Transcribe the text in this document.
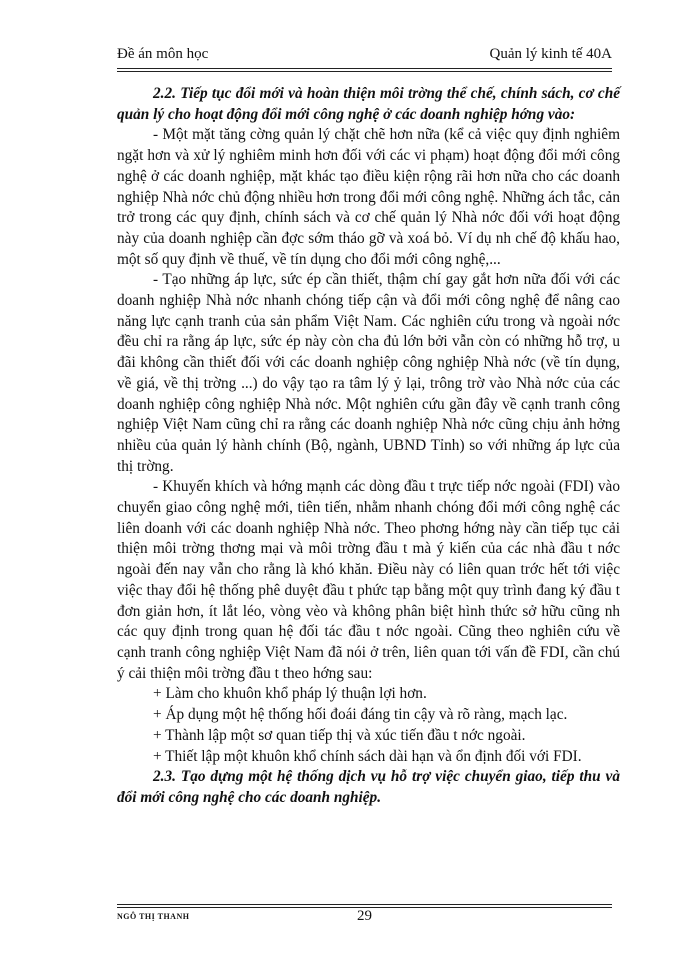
Đề án môn học	Quản lý kinh tế 40A

2.2. Tiếp tục đổi mới và hoàn thiện môi trờng thể chế, chính sách, cơ chế quản lý cho hoạt động đổi mới công nghệ ở các doanh nghiệp hớng vào:

- Một mặt tăng cờng quản lý chặt chẽ hơn nữa (kể cả việc quy định nghiêm ngặt hơn và xử lý nghiêm minh hơn đối với các vi phạm) hoạt động đổi mới công nghệ ở các doanh nghiệp, mặt khác tạo điều kiện rộng rãi hơn nữa cho các doanh nghiệp Nhà nớc chủ động nhiều hơn trong đổi mới công nghệ. Những ách tắc, cản trở trong các quy định, chính sách và cơ chế quản lý Nhà nớc đối với hoạt động này của doanh nghiệp cần đợc sớm tháo gỡ và xoá bỏ. Ví dụ nh chế độ khấu hao, một số quy định về thuế, về tín dụng cho đổi mới công nghệ,...

- Tạo những áp lực, sức ép cần thiết, thậm chí gay gắt hơn nữa đối với các doanh nghiệp Nhà nớc nhanh chóng tiếp cận và đổi mới công nghệ để nâng cao năng lực cạnh tranh của sản phẩm Việt Nam. Các nghiên cứu trong và ngoài nớc đều chỉ ra rằng áp lực, sức ép này còn cha đủ lớn bởi vẫn còn có những hỗ trợ, u đãi không cần thiết đối với các doanh nghiệp công nghiệp Nhà nớc (về tín dụng, về giá, về thị trờng ...) do vậy tạo ra tâm lý ỷ lại, trông trờ vào Nhà nớc của các doanh nghiệp công nghiệp Nhà nớc. Một nghiên cứu gần đây về cạnh tranh công nghiệp Việt Nam cũng chỉ ra rằng các doanh nghiệp Nhà nớc cũng chịu ảnh hởng nhiều của quản lý hành chính (Bộ, ngành, UBND Tỉnh) so với những áp lực của thị trờng.

- Khuyến khích và hớng mạnh các dòng đầu t trực tiếp nớc ngoài (FDI) vào chuyển giao công nghệ mới, tiên tiến, nhằm nhanh chóng đổi mới công nghệ các liên doanh với các doanh nghiệp Nhà nớc. Theo phơng hớng này cần tiếp tục cải thiện môi trờng thơng mại và môi trờng đầu t mà ý kiến của các nhà đầu t nớc ngoài đến nay vẫn cho rằng là khó khăn. Điều này có liên quan trớc hết tới việc việc thay đổi hệ thống phê duyệt đầu t phức tạp bằng một quy trình đang ký đầu t đơn giản hơn, ít lắt léo, vòng vèo và không phân biệt hình thức sở hữu cũng nh các quy định trong quan hệ đối tác đầu t nớc ngoài. Cũng theo nghiên cứu về cạnh tranh công nghiệp Việt Nam đã nói ở trên, liên quan tới vấn đề FDI, cần chú ý cải thiện môi trờng đầu t theo hớng sau:

+ Làm cho khuôn khổ pháp lý thuận lợi hơn.

+ Áp dụng một hệ thống hối đoái đáng tin cậy và rõ ràng, mạch lạc.

+ Thành lập một sơ quan tiếp thị và xúc tiến đầu t nớc ngoài.

+ Thiết lập một khuôn khổ chính sách dài hạn và ổn định đối với FDI.

2.3. Tạo dựng một hệ thống dịch vụ hỗ trợ việc chuyển giao, tiếp thu và đổi mới công nghệ cho các doanh nghiệp.

NGÔ THỊ THANH	29
